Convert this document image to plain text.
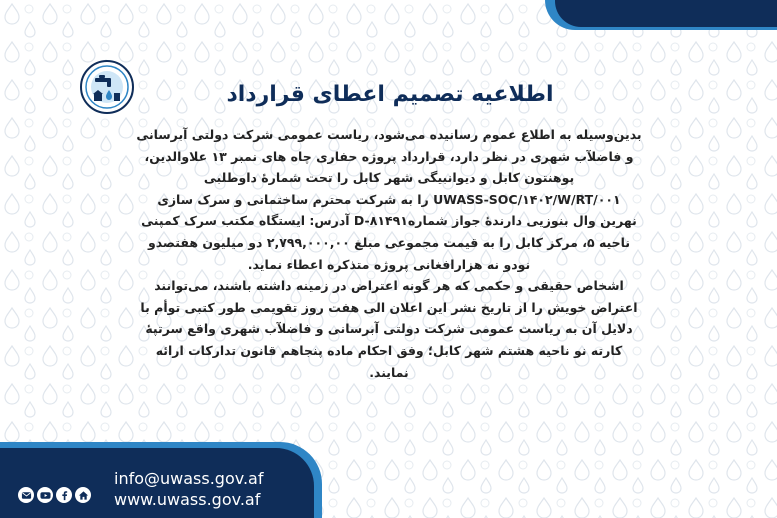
اطلاعیه تصمیم اعطای قرارداد

بدین‌وسیله به اطلاع عموم رسانیده می‌شود، ریاست عمومی شرکت دولتی آبرسانی

و فاضلآب شهری در نظر دارد، قرارداد پروژه حفاری چاه های نمبر ۱۳ علاوالدین،

پوهنتون کابل و دیوانبیگی شهر کابل را تحت شمارهٔ داوطلبی

UWASS-SOC/۱۴۰۲/W/RT/۰۰۱ را به شرکت محترم ساختمانی و سرک سازی

نهرین وال بنوزیی دارندهٔ جواز شماره‌D-۸۱۴۹۱ آدرس: ایستگاه مکتب سرک کمپنی

ناحیه ۵، مرکز کابل را به قیمت مجموعی مبلغ ۲,۷۹۹,۰۰۰,۰۰ دو میلیون هفتصدو

نودو نه هزارافغانی پروژه متذکره اعطاء نماید.

اشخاص حقیقی و حکمی که هر گونه اعتراض در زمینه داشته باشند، می‌توانند

اعتراض خویش را از تاریخ نشر این اعلان الی هفت روز تقویمی طور کتبی توأم با

دلایل آن به ریاست عمومی شرکت دولتی آبرسانی و فاضلآب شهری واقع سرتپهٔ

کارته نو ناحیه هشتم شهر کابل؛ وفق احکام ماده پنجاهم قانون تدارکات ارائه

نمایند.

info@uwass.gov.af
www.uwass.gov.af
